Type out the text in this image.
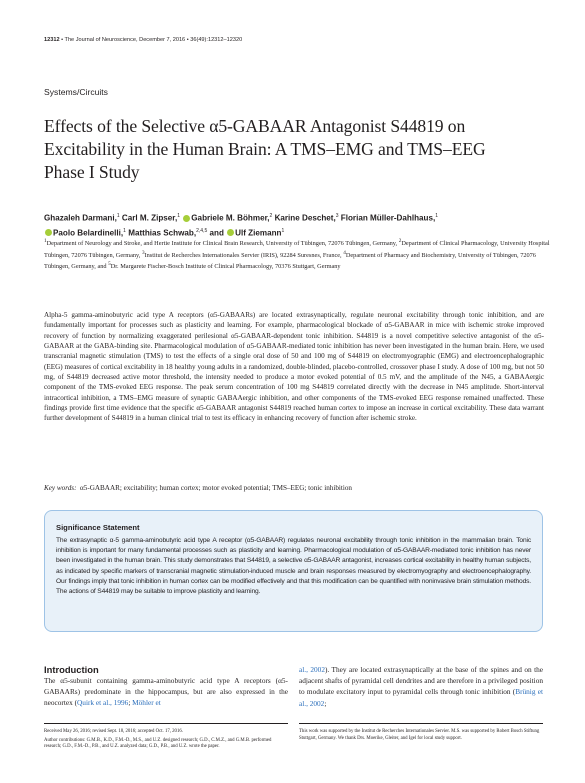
12312 • The Journal of Neuroscience, December 7, 2016 • 36(49):12312–12320
Systems/Circuits
Effects of the Selective α5-GABAAR Antagonist S44819 on
Excitability in the Human Brain: A TMS–EMG and TMS–EEG
Phase I Study
Ghazaleh Darmani,$^1$ Carl M. Zipser,$^1$ Gabriele M. Böhmer,$^2$ Karine Deschet,$^3$ Florian Müller-Dahlhaus,$^1$
Paolo Belardinelli,$^1$ Matthias Schwab,$^{2,4,5}$ and Ulf Ziemann$^1$
$^1$Department of Neurology and Stroke, and Hertie Institute for Clinical Brain Research, University of Tübingen, 72076 Tübingen, Germany, $^2$Department of Clinical Pharmacology, University Hospital Tübingen, 72076 Tübingen, Germany, $^3$Institut de Recherches Internationales Servier (IRIS), 92284 Suresnes, France, $^4$Department of Pharmacy and Biochemistry, University of Tübingen, 72076 Tübingen, Germany, and $^5$Dr. Margarete Fischer-Bosch Institute of Clinical Pharmacology, 70376 Stuttgart, Germany
Alpha-5 gamma-aminobutyric acid type A receptors (α5-GABAARs) are located extrasynaptically, regulate neuronal excitability through tonic inhibition, and are fundamentally important for processes such as plasticity and learning. For example, pharmacological blockade of α5-GABAAR in mice with ischemic stroke improved recovery of function by normalizing exaggerated perilesional α5-GABAAR-dependent tonic inhibition. S44819 is a novel competitive selective antagonist of the α5-GABAAR at the GABA-binding site. Pharmacological modulation of α5-GABAAR-mediated tonic inhibition has never been investigated in the human brain. Here, we used transcranial magnetic stimulation (TMS) to test the effects of a single oral dose of 50 and 100 mg of S44819 on electromyographic (EMG) and electroencephalographic (EEG) measures of cortical excitability in 18 healthy young adults in a randomized, double-blinded, placebo-controlled, crossover phase I study. A dose of 100 mg, but not 50 mg, of S44819 decreased active motor threshold, the intensity needed to produce a motor evoked potential of 0.5 mV, and the amplitude of the N45, a GABAAergic component of the TMS-evoked EEG response. The peak serum concentration of 100 mg S44819 correlated directly with the decrease in N45 amplitude. Short-interval intracortical inhibition, a TMS–EMG measure of synaptic GABAAergic inhibition, and other components of the TMS-evoked EEG response remained unaffected. These findings provide first time evidence that the specific α5-GABAAR antagonist S44819 reached human cortex to impose an increase in cortical excitability. These data warrant further development of S44819 in a human clinical trial to test its efficacy in enhancing recovery of function after ischemic stroke.
Key words: α5-GABAAR; excitability; human cortex; motor evoked potential; TMS–EEG; tonic inhibition
Significance Statement
The extrasynaptic α-5 gamma-aminobutyric acid type A receptor (α5-GABAAR) regulates neuronal excitability through tonic inhibition in the mammalian brain. Tonic inhibition is important for many fundamental processes such as plasticity and learning. Pharmacological modulation of α5-GABAAR-mediated tonic inhibition has never been investigated in the human brain. This study demonstrates that S44819, a selective α5-GABAAR antagonist, increases cortical excitability in healthy human subjects, as indicated by specific markers of transcranial magnetic stimulation-induced muscle and brain responses measured by electromyography and electroencephalography. Our findings imply that tonic inhibition in human cortex can be modified effectively and that this modification can be quantified with noninvasive brain stimulation methods. The actions of S44819 may be suitable to improve plasticity and learning.
Introduction
The α5-subunit containing gamma-aminobutyric acid type A receptors (α5-GABAARs) predominate in the hippocampus, but are also expressed in the neocortex (Quirk et al., 1996; Möhler et
al., 2002). They are located extrasynaptically at the base of the spines and on the adjacent shafts of pyramidal cell dendrites and are therefore in a privileged position to modulate excitatory input to pyramidal cells through tonic inhibition (Brünig et al., 2002;

Received May 26, 2016; revised Sept. 18, 2016; accepted Oct. 17, 2016.

Author contributions: G.M.B., K.D., F.M.-D., M.S., and U.Z. designed research; G.D., C.M.Z., and G.M.B. performed research; G.D., F.M.-D., P.B., and U.Z. analyzed data; G.D., P.B., and U.Z. wrote the paper.

This work was supported by the Institut de Recherches Internationales Servier. M.S. was supported by Robert Bosch Stiftung Stuttgart, Germany. We thank Drs. Moerike, Gleiter, and Igel for local study support.
